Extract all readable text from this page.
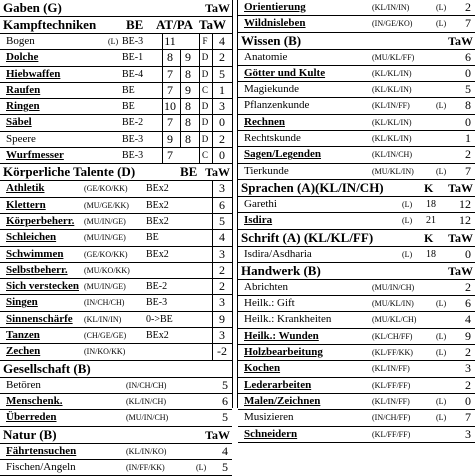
Gaben (G)	TaW
Kampftechniken BE AT/PA TaW
Bogen	(L) BE-3 11	F 4
Dolche	BE-1	8	9	D 2
Hiebwaffen	BE-4	7	8	D 5
Raufen	BE	7	9	C 1
Ringen	BE 10 8	D 3
Säbel	BE-2	7	8	D 0
Speere	BE-3	9	8	D 2
Wurfmesser	BE-3	7	C 0
Körperliche Talente (D)	BE TaW
Athletik	(GE/KO/KK) BEx2	3
Klettern	(MU/GE/KK) BEx2	6
Körperbeherr. (MU/IN/GE) BEx2	5
Schleichen	(MU/IN/GE) BE	4
Schwimmen	(GE/KO/KK) BEx2	3
Selbstbeherr. (MU/KO/KK)	2
Sich verstecken (MU/IN/GE) BE-2	2
Singen	(IN/CH/CH) BE-3	3
Sinnenschärfe (KL/IN/IN) 0->BE	9
Tanzen	(CH/GE/GE) BEx2	3
Zechen	(IN/KO/KK)	-2
Gesellschaft (B)
Betören	(IN/CH/CH)	5
Menschenk.	(KL/IN/CH)	6
Überreden	(MU/IN/CH)	5
Natur (B)	TaW
Fährtensuchen	(KL/IN/KO)	4
Fischen/Angeln	(IN/FF/KK)	(L) 5
Orientierung	(KL/IN/IN)	(L) 2
Wildnisleben	(IN/GE/KO)	(L) 7
Wissen (B)	TaW
Anatomie	(MU/KL/FF)	6
Götter und Kulte	(KL/KL/IN)	0
Magiekunde	(KL/KL/IN)	5
Pflanzenkunde	(KL/IN/FF)	(L) 8
Rechnen	(KL/KL/IN)	0
Rechtskunde	(KL/KL/IN)	1
Sagen/Legenden	(KL/IN/CH)	2
Tierkunde	(MU/KL/IN)	(L) 7
Sprachen (A)(KL/IN/CH)	K TaW
Garethi	(L) 18 12
Isdira	(L) 21 12
Schrift (A) (KL/KL/FF)	K TaW
Isdira/Asdharia	(L) 18 0
Handwerk (B)	TaW
Abrichten	(MU/IN/CH)	2
Heilk.: Gift	(MU/KL/IN)	(L) 6
Heilk.: Krankheiten	(MU/KL/CH)	4
Heilk.: Wunden	(KL/CH/FF)	(L) 9
Holzbearbeitung	(KL/FF/KK)	(L) 2
Kochen	(KL/IN/FF)	3
Lederarbeiten	(KL/FF/FF)	2
Malen/Zeichnen	(KL/IN/FF)	(L) 0
Musizieren	(IN/CH/FF)	(L) 7
Schneidern	(KL/FF/FF)	3
